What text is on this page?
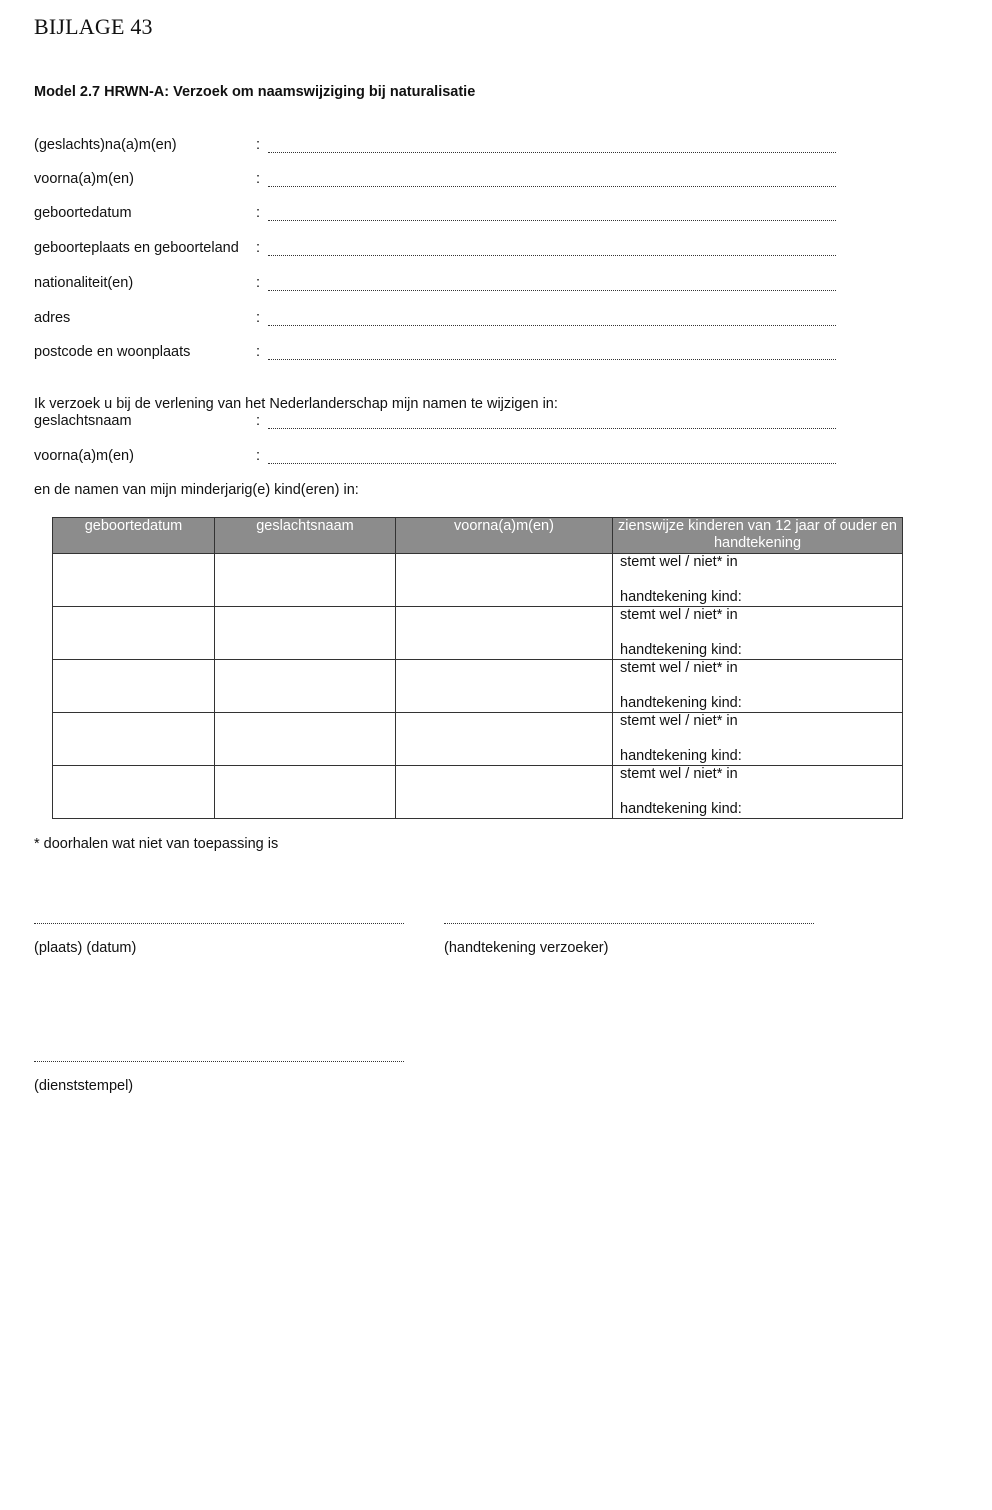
BIJLAGE 43
Model 2.7 HRWN-A: Verzoek om naamswijziging bij naturalisatie
(geslachts)na(a)m(en)	:
voorna(a)m(en)	:
geboortedatum	:
geboorteplaats en geboorteland :
nationaliteit(en)	:
adres	:
postcode en woonplaats	:
Ik verzoek u bij de verlening van het Nederlanderschap mijn namen te wijzigen in:
geslachtsnaam	:
voorna(a)m(en)	:
en de namen van mijn minderjarig(e) kind(eren) in:
geboortedatum	geslachtsnaam	voorna(a)m(en)	zienswijze kinderen van 12 jaar of ouder en handtekening

			stemt wel / niet* in
handtekening kind:

			stemt wel / niet* in
handtekening kind:

			stemt wel / niet* in
handtekening kind:

			stemt wel / niet* in
handtekening kind:

			stemt wel / niet* in
handtekening kind:
* doorhalen wat niet van toepassing is
(plaats) (datum)	(handtekening verzoeker)
(dienststempel)
